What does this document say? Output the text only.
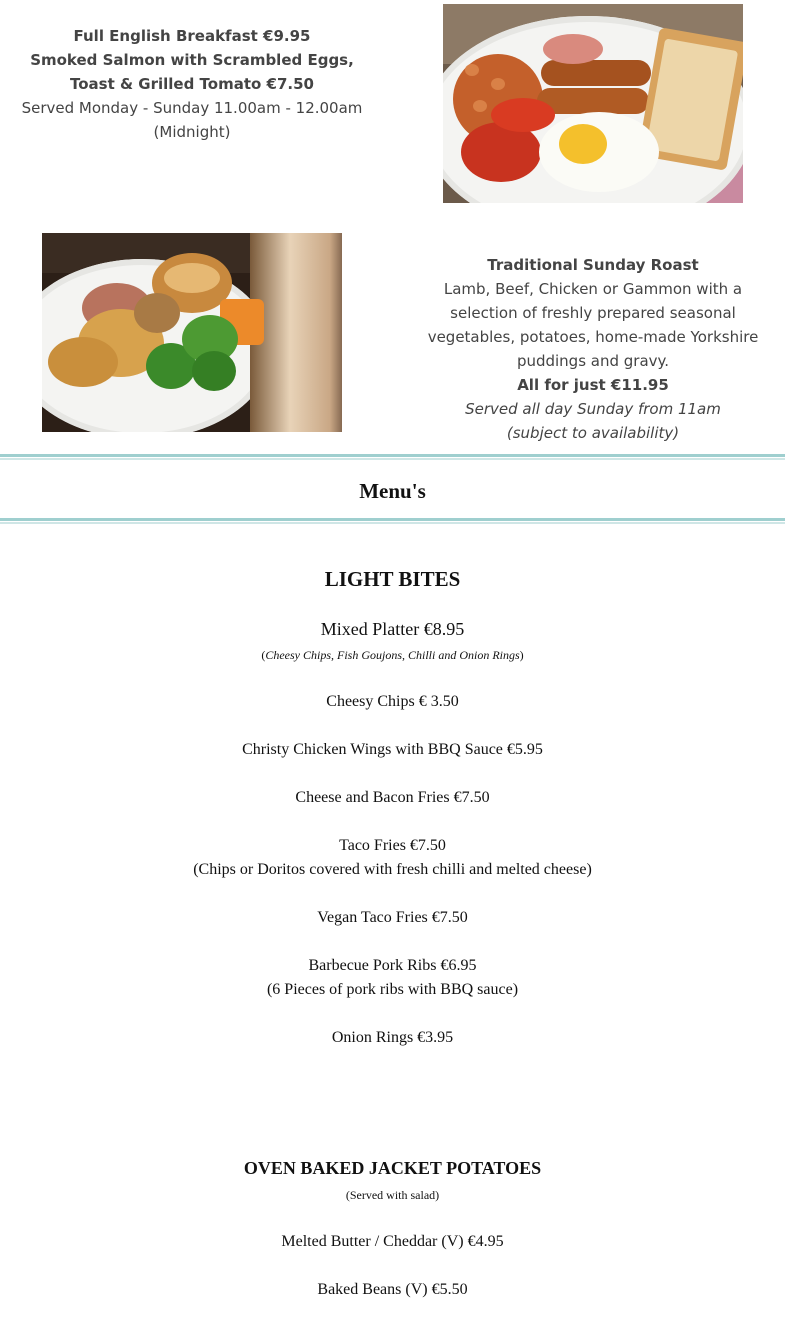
Full English Breakfast €9.95

Smoked Salmon with Scrambled Eggs, Toast & Grilled Tomato €7.50

Served Monday - Sunday 11.00am - 12.00am (Midnight)

Traditional Sunday Roast

Lamb, Beef, Chicken or Gammon with a selection of freshly prepared seasonal vegetables, potatoes, home-made Yorkshire puddings and gravy.

All for just €11.95

Served all day Sunday from 11am

(subject to availability)

Menu's
LIGHT BITES
Mixed Platter €8.95
(Cheesy Chips, Fish Goujons, Chilli and Onion Rings)
Cheesy Chips € 3.50
Christy Chicken Wings with BBQ Sauce €5.95
Cheese and Bacon Fries €7.50
Taco Fries €7.50
(Chips or Doritos covered with fresh chilli and melted cheese)
Vegan Taco Fries €7.50
Barbecue Pork Ribs €6.95
(6 Pieces of pork ribs with BBQ sauce)
Onion Rings €3.95
OVEN BAKED JACKET POTATOES
(Served with salad)
Melted Butter / Cheddar (V) €4.95
Baked Beans (V) €5.50
